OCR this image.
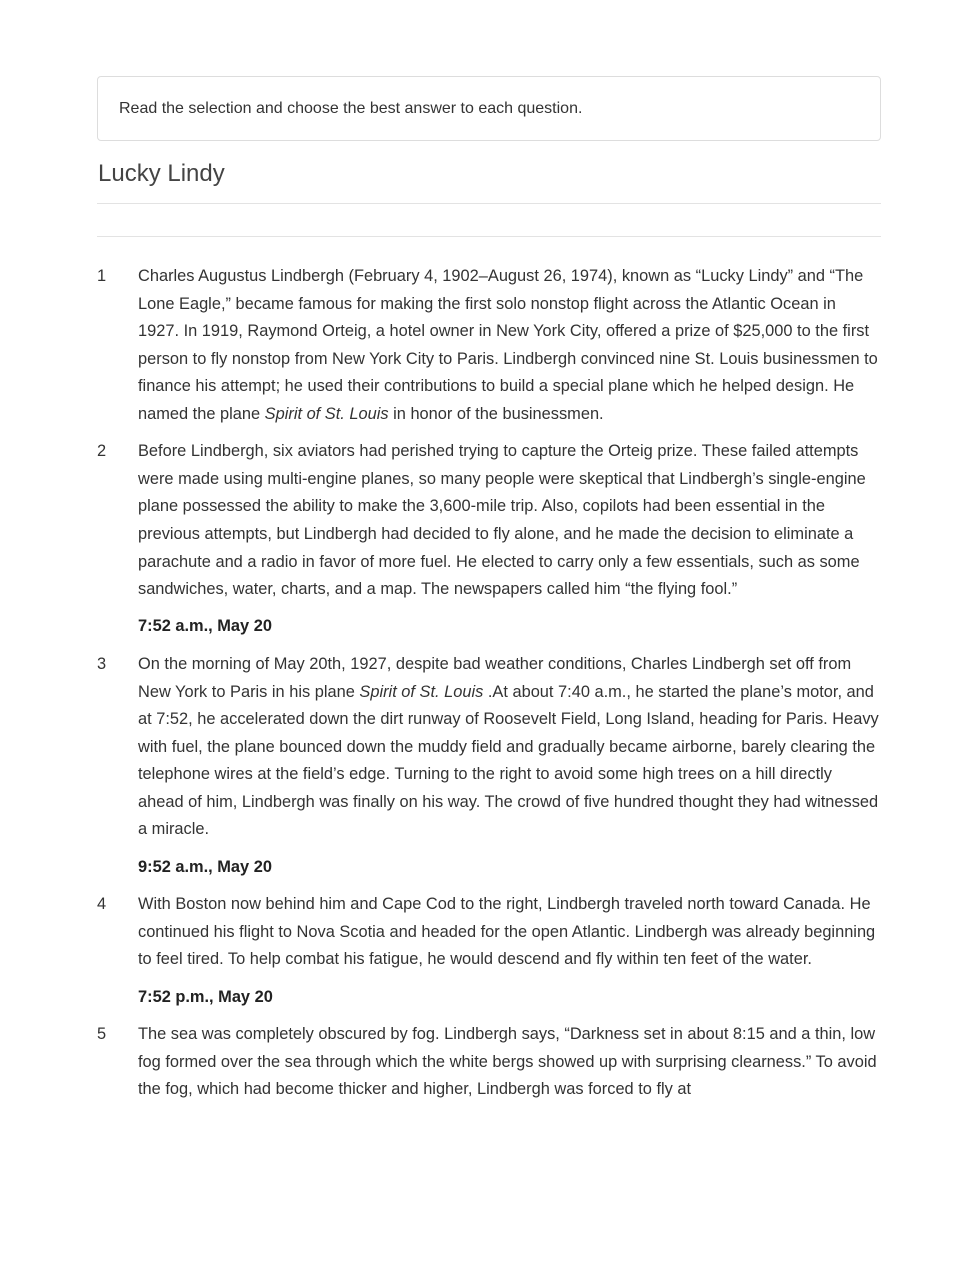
Read the selection and choose the best answer to each question.
Lucky Lindy
1	Charles Augustus Lindbergh (February 4, 1902–August 26, 1974), known as “Lucky Lindy” and “The Lone Eagle,” became famous for making the first solo nonstop flight across the Atlantic Ocean in 1927. In 1919, Raymond Orteig, a hotel owner in New York City, offered a prize of $25,000 to the first person to fly nonstop from New York City to Paris. Lindbergh convinced nine St. Louis businessmen to finance his attempt; he used their contributions to build a special plane which he helped design. He named the plane Spirit of St. Louis in honor of the businessmen.
2	Before Lindbergh, six aviators had perished trying to capture the Orteig prize. These failed attempts were made using multi-engine planes, so many people were skeptical that Lindbergh’s single-engine plane possessed the ability to make the 3,600-mile trip. Also, copilots had been essential in the previous attempts, but Lindbergh had decided to fly alone, and he made the decision to eliminate a parachute and a radio in favor of more fuel. He elected to carry only a few essentials, such as some sandwiches, water, charts, and a map. The newspapers called him “the flying fool.”
7:52 a.m., May 20
3	On the morning of May 20th, 1927, despite bad weather conditions, Charles Lindbergh set off from New York to Paris in his plane Spirit of St. Louis .At about 7:40 a.m., he started the plane’s motor, and at 7:52, he accelerated down the dirt runway of Roosevelt Field, Long Island, heading for Paris. Heavy with fuel, the plane bounced down the muddy field and gradually became airborne, barely clearing the telephone wires at the field’s edge. Turning to the right to avoid some high trees on a hill directly ahead of him, Lindbergh was finally on his way. The crowd of five hundred thought they had witnessed a miracle.
9:52 a.m., May 20
4	With Boston now behind him and Cape Cod to the right, Lindbergh traveled north toward Canada. He continued his flight to Nova Scotia and headed for the open Atlantic. Lindbergh was already beginning to feel tired. To help combat his fatigue, he would descend and fly within ten feet of the water.
7:52 p.m., May 20
5	The sea was completely obscured by fog. Lindbergh says, “Darkness set in about 8:15 and a thin, low fog formed over the sea through which the white bergs showed up with surprising clearness.” To avoid the fog, which had become thicker and higher, Lindbergh was forced to fly at
